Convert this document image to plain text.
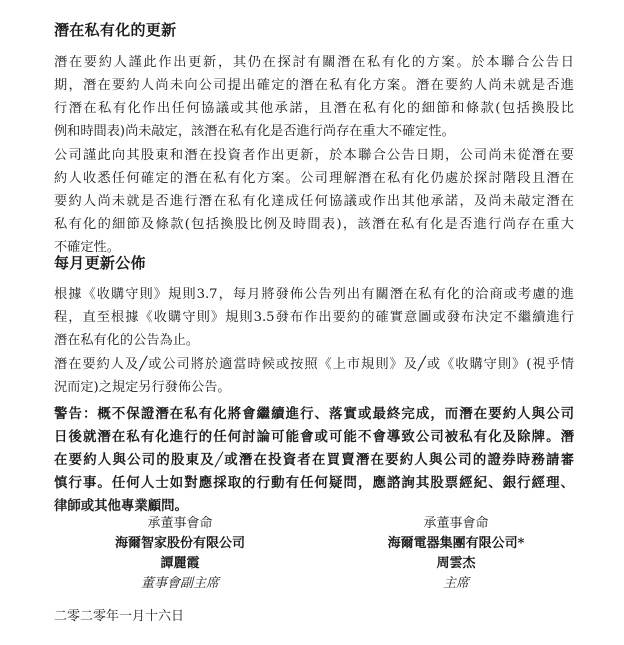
潛在私有化的更新
潛在要約人謹此作出更新，其仍在探討有關潛在私有化的方案。於本聯合公告日
期，潛在要約人尚未向公司提出確定的潛在私有化方案。潛在要約人尚未就是否進
行潛在私有化作出任何協議或其他承諾，且潛在私有化的細節和條款(包括換股比
例和時間表)尚未敲定，該潛在私有化是否進行尚存在重大不確定性。
公司謹此向其股東和潛在投資者作出更新，於本聯合公告日期，公司尚未從潛在要
約人收悉任何確定的潛在私有化方案。公司理解潛在私有化仍處於探討階段且潛在
要約人尚未就是否進行潛在私有化達成任何協議或作出其他承諾，及尚未敲定潛在
私有化的細節及條款(包括換股比例及時間表)，該潛在私有化是否進行尚存在重大
不確定性。
每月更新公佈
根據《收購守則》規則3.7，每月將發佈公告列出有關潛在私有化的洽商或考慮的進
程，直至根據《收購守則》規則3.5發布作出要約的確實意圖或發布決定不繼續進行
潛在私有化的公告為止。
潛在要約人及╱或公司將於適當時候或按照《上市規則》及╱或《收購守則》(視乎情
況而定)之規定另行發佈公告。
警告：概不保證潛在私有化將會繼續進行、落實或最終完成，而潛在要約人與公司
日後就潛在私有化進行的任何討論可能會或可能不會導致公司被私有化及除牌。潛
在要約人與公司的股東及╱或潛在投資者在買賣潛在要約人與公司的證券時務請審
慎行事。任何人士如對應採取的行動有任何疑問，應諮詢其股票經紀、銀行經理、
律師或其他專業顧問。
承董事會命
海爾智家股份有限公司
譚麗霞
董事會副主席
承董事會命
海爾電器集團有限公司*
周雲杰
主席
二零二零年一月十六日
